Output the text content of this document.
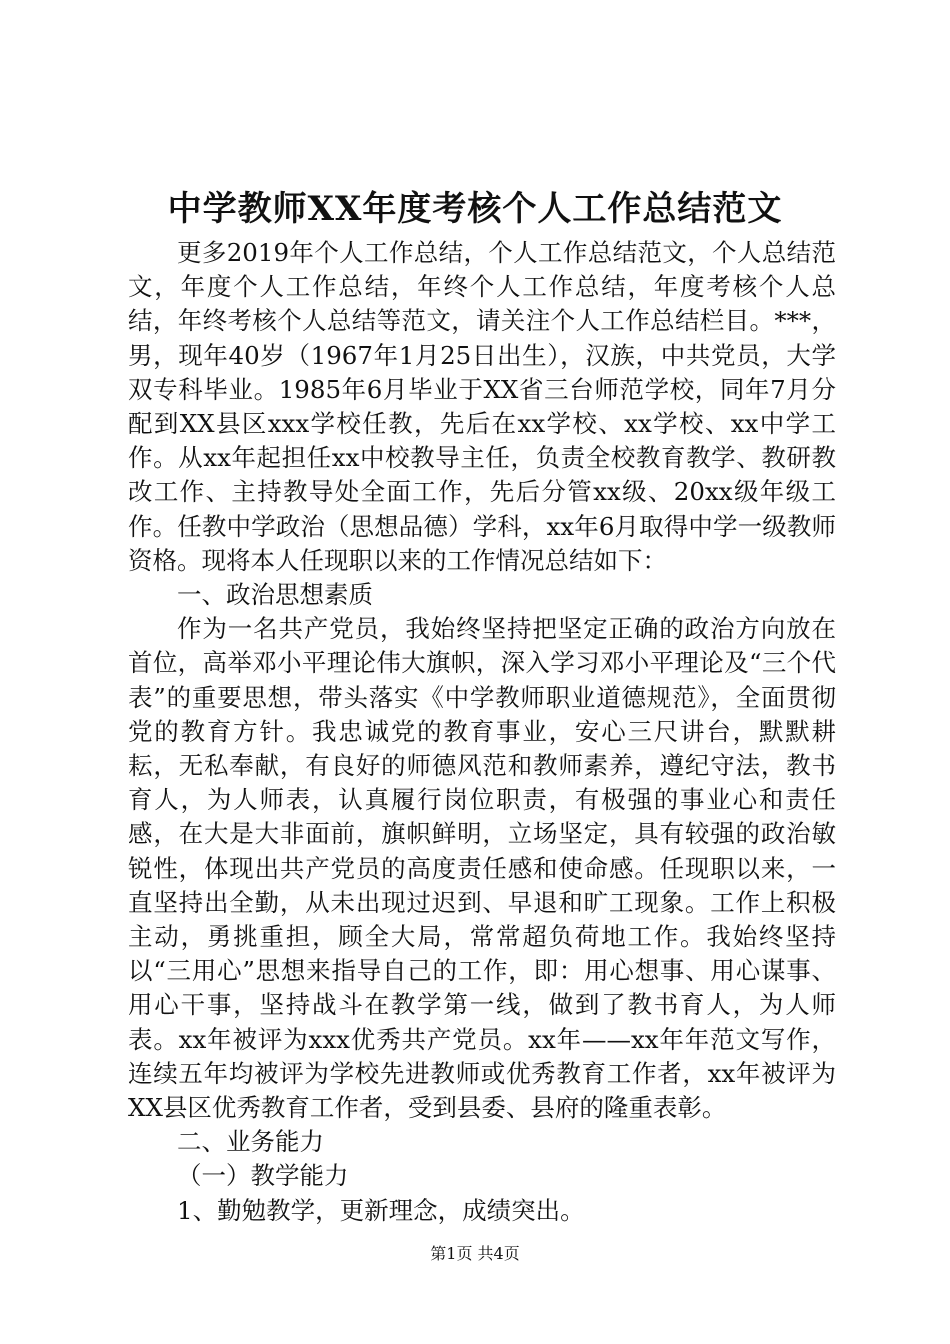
中学教师XX年度考核个人工作总结范文

更多2019年个人工作总结，个人工作总结范文，个人总结范文，年度个人工作总结，年终个人工作总结，年度考核个人总结，年终考核个人总结等范文，请关注个人工作总结栏目。***，男，现年40岁（1967年1月25日出生），汉族，中共党员，大学双专科毕业。1985年6月毕业于XX省三台师范学校，同年7月分配到XX县区xxx学校任教，先后在xx学校、xx学校、xx中学工作。从xx年起担任xx中校教导主任，负责全校教育教学、教研教改工作、主持教导处全面工作，先后分管xx级、20xx级年级工作。任教中学政治（思想品德）学科，xx年6月取得中学一级教师资格。现将本人任现职以来的工作情况总结如下：

一、政治思想素质

作为一名共产党员，我始终坚持把坚定正确的政治方向放在首位，高举邓小平理论伟大旗帜，深入学习邓小平理论及“三个代表”的重要思想，带头落实《中学教师职业道德规范》，全面贯彻党的教育方针。我忠诚党的教育事业，安心三尺讲台，默默耕耘，无私奉献，有良好的师德风范和教师素养，遵纪守法，教书育人，为人师表，认真履行岗位职责，有极强的事业心和责任感，在大是大非面前，旗帜鲜明，立场坚定，具有较强的政治敏锐性，体现出共产党员的高度责任感和使命感。任现职以来，一直坚持出全勤，从未出现过迟到、早退和旷工现象。工作上积极主动，勇挑重担，顾全大局，常常超负荷地工作。我始终坚持以“三用心”思想来指导自己的工作，即：用心想事、用心谋事、用心干事，坚持战斗在教学第一线，做到了教书育人，为人师表。xx年被评为xxx优秀共产党员。xx年——xx年年范文写作，连续五年均被评为学校先进教师或优秀教育工作者，xx年被评为XX县区优秀教育工作者，受到县委、县府的隆重表彰。

二、业务能力

（一）教学能力

1、勤勉教学，更新理念，成绩突出。

第1页 共4页
